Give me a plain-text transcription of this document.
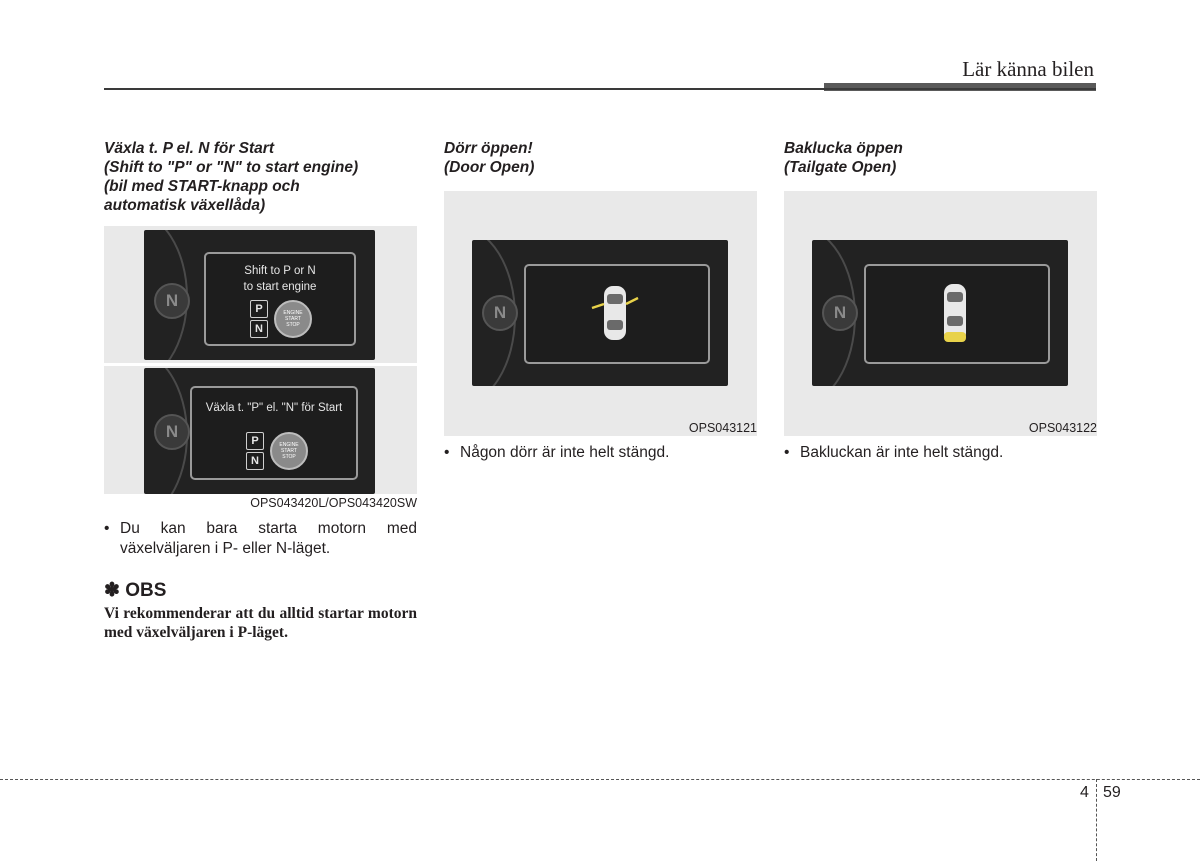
Lär känna bilen
Växla t. P el. N för Start
(Shift to "P" or "N" to start engine)
(bil med START-knapp och
automatisk växellåda)
N
Shift to P or N
to start engine
P
N
ENGINE
START
STOP
N
Växla t. "P" el. "N" för Start
P
N
ENGINE
START
STOP
OPS043420L/OPS043420SW
• Du kan bara starta motorn med växelväljaren i P- eller N-läget.
✽ OBS
Vi rekommenderar att du alltid startar motorn med växelväljaren i P-läget.
Dörr öppen!
(Door Open)
N
OPS043121
• Någon dörr är inte helt stängd.
Baklucka öppen
(Tailgate Open)
N
OPS043122
• Bakluckan är inte helt stängd.
4 59
